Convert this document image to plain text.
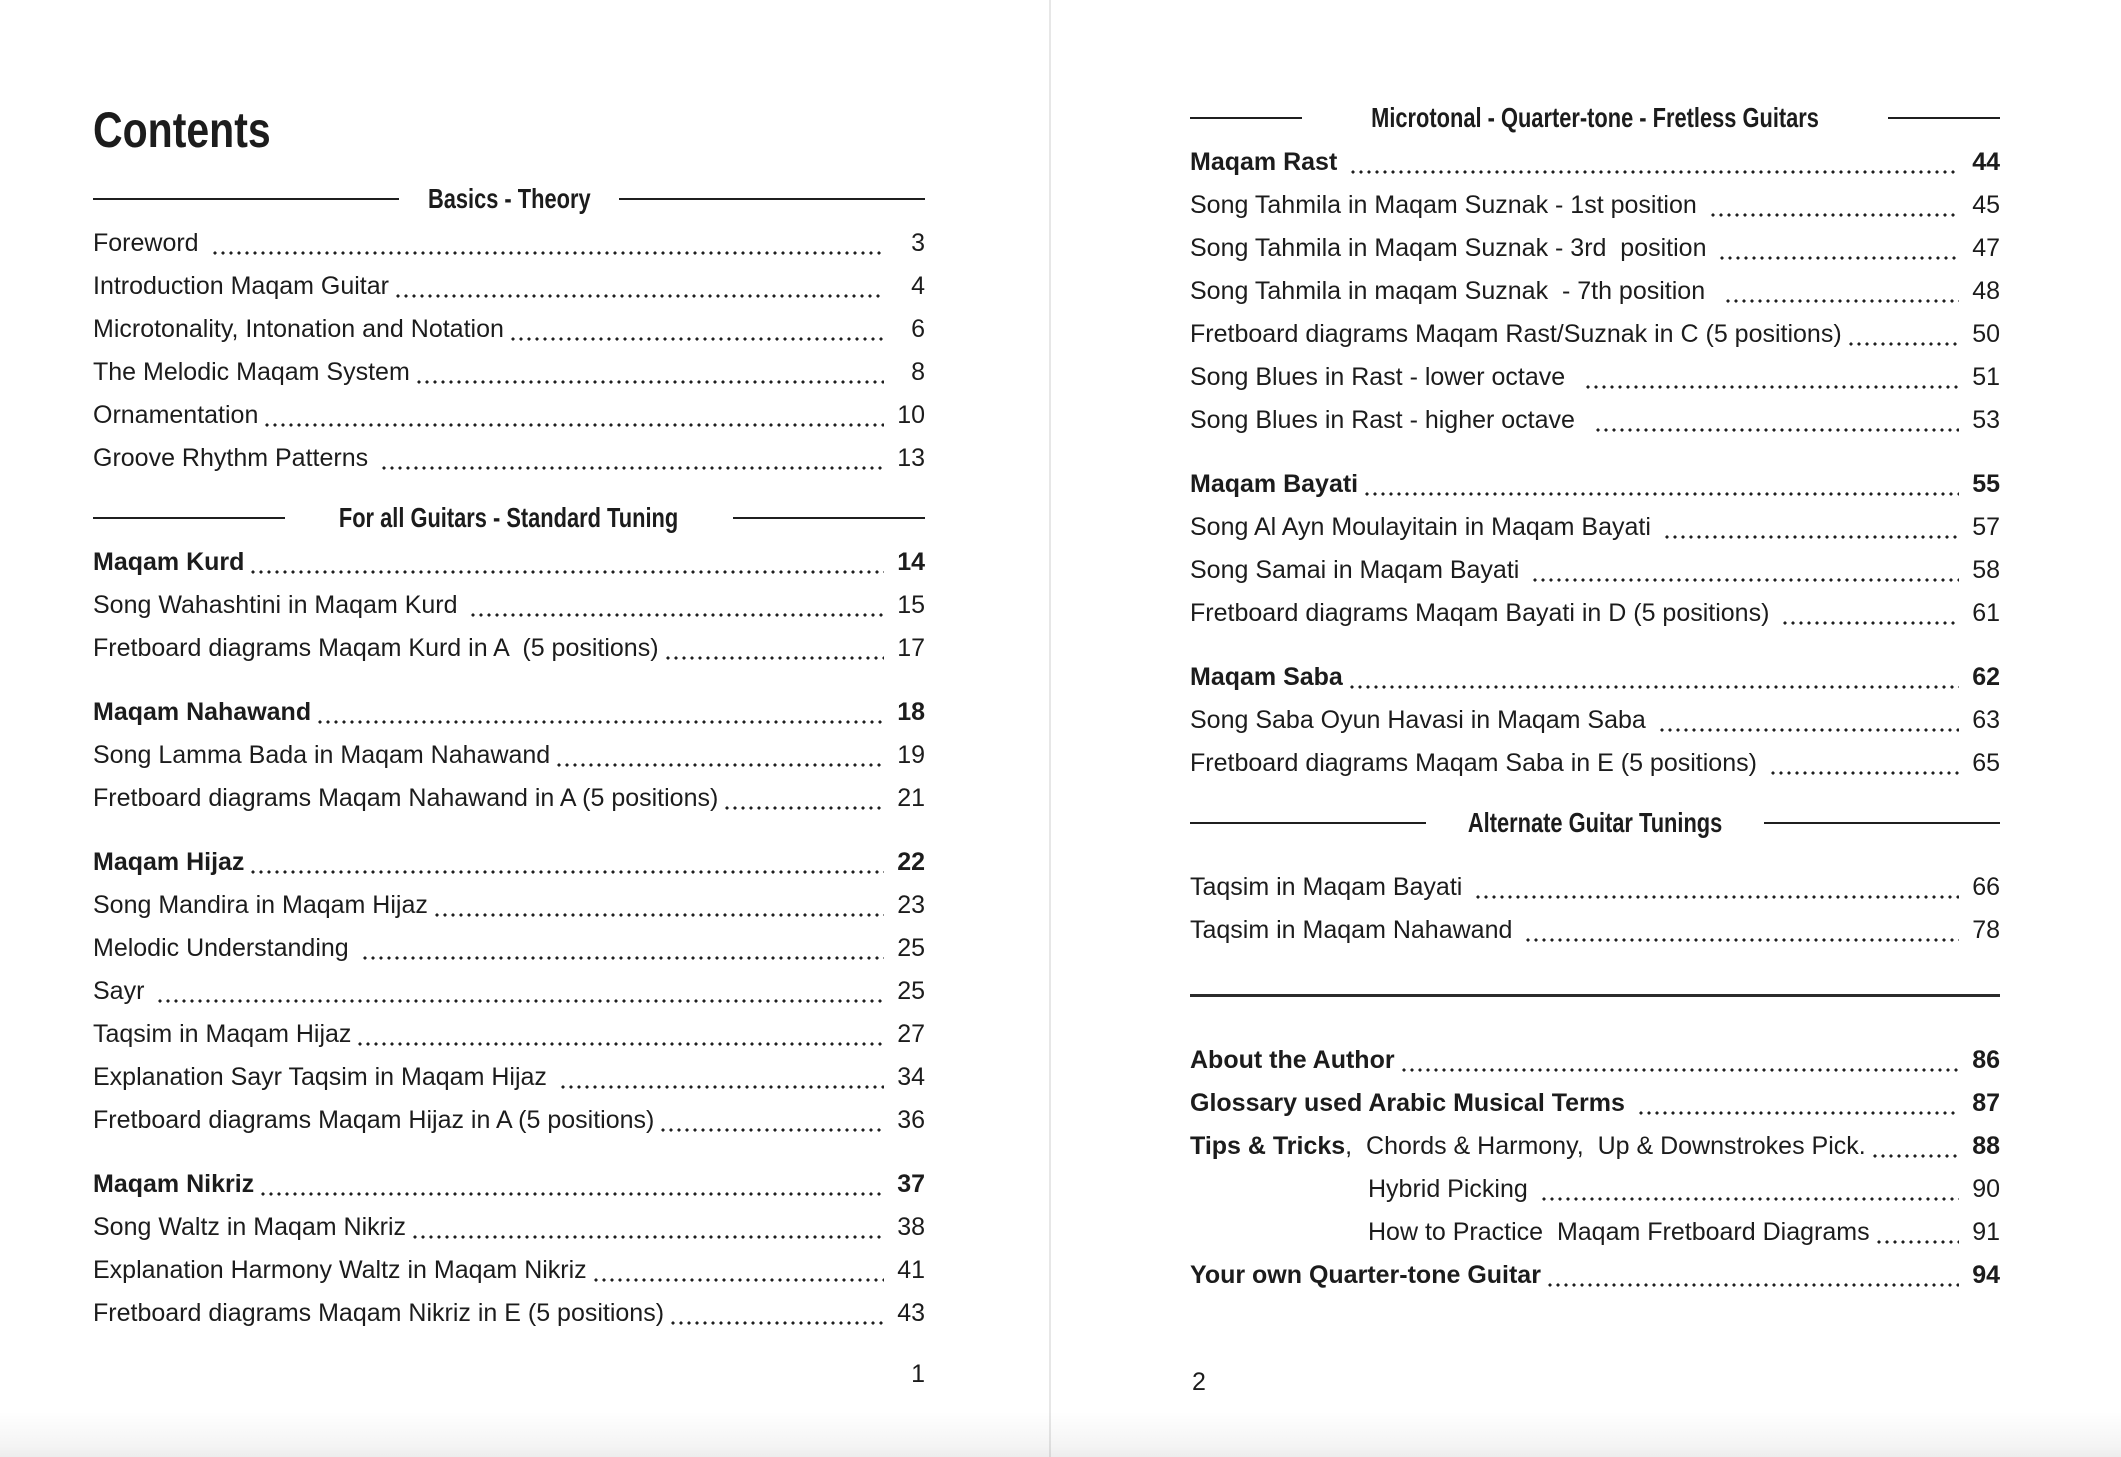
Contents
Basics - Theory
Foreword	3
Introduction Maqam Guitar	4
Microtonality, Intonation and Notation	6
The Melodic Maqam System	8
Ornamentation	10
Groove Rhythm Patterns	13
For all Guitars - Standard Tuning
Maqam Kurd	14
Song Wahashtini in Maqam Kurd	15
Fretboard diagrams Maqam Kurd in A  (5 positions)	17
Maqam Nahawand	18
Song Lamma Bada in Maqam Nahawand	19
Fretboard diagrams Maqam Nahawand in A (5 positions)	21
Maqam Hijaz	22
Song Mandira in Maqam Hijaz	23
Melodic Understanding	25
Sayr	25
Taqsim in Maqam Hijaz	27
Explanation Sayr Taqsim in Maqam Hijaz	34
Fretboard diagrams Maqam Hijaz in A (5 positions)	36
Maqam Nikriz	37
Song Waltz in Maqam Nikriz	38
Explanation Harmony Waltz in Maqam Nikriz	41
Fretboard diagrams Maqam Nikriz in E (5 positions)	43
Microtonal - Quarter-tone - Fretless Guitars
Maqam Rast	44
Song Tahmila in Maqam Suznak - 1st position	45
Song Tahmila in Maqam Suznak - 3rd  position	47
Song Tahmila in maqam Suznak  - 7th position	48
Fretboard diagrams Maqam Rast/Suznak in C (5 positions)	50
Song Blues in Rast - lower octave	51
Song Blues in Rast - higher octave	53
Maqam Bayati	55
Song Al Ayn Moulayitain in Maqam Bayati	57
Song Samai in Maqam Bayati	58
Fretboard diagrams Maqam Bayati in D (5 positions)	61
Maqam Saba	62
Song Saba Oyun Havasi in Maqam Saba	63
Fretboard diagrams Maqam Saba in E (5 positions)	65
Alternate Guitar Tunings
Taqsim in Maqam Bayati	66
Taqsim in Maqam Nahawand	78
About the Author	86
Glossary used Arabic Musical Terms	87
Tips & Tricks,  Chords & Harmony,  Up & Downstrokes Pick.	88
Hybrid Picking	90
How to Practice  Maqam Fretboard Diagrams	91
Your own Quarter-tone Guitar	94
1	2
